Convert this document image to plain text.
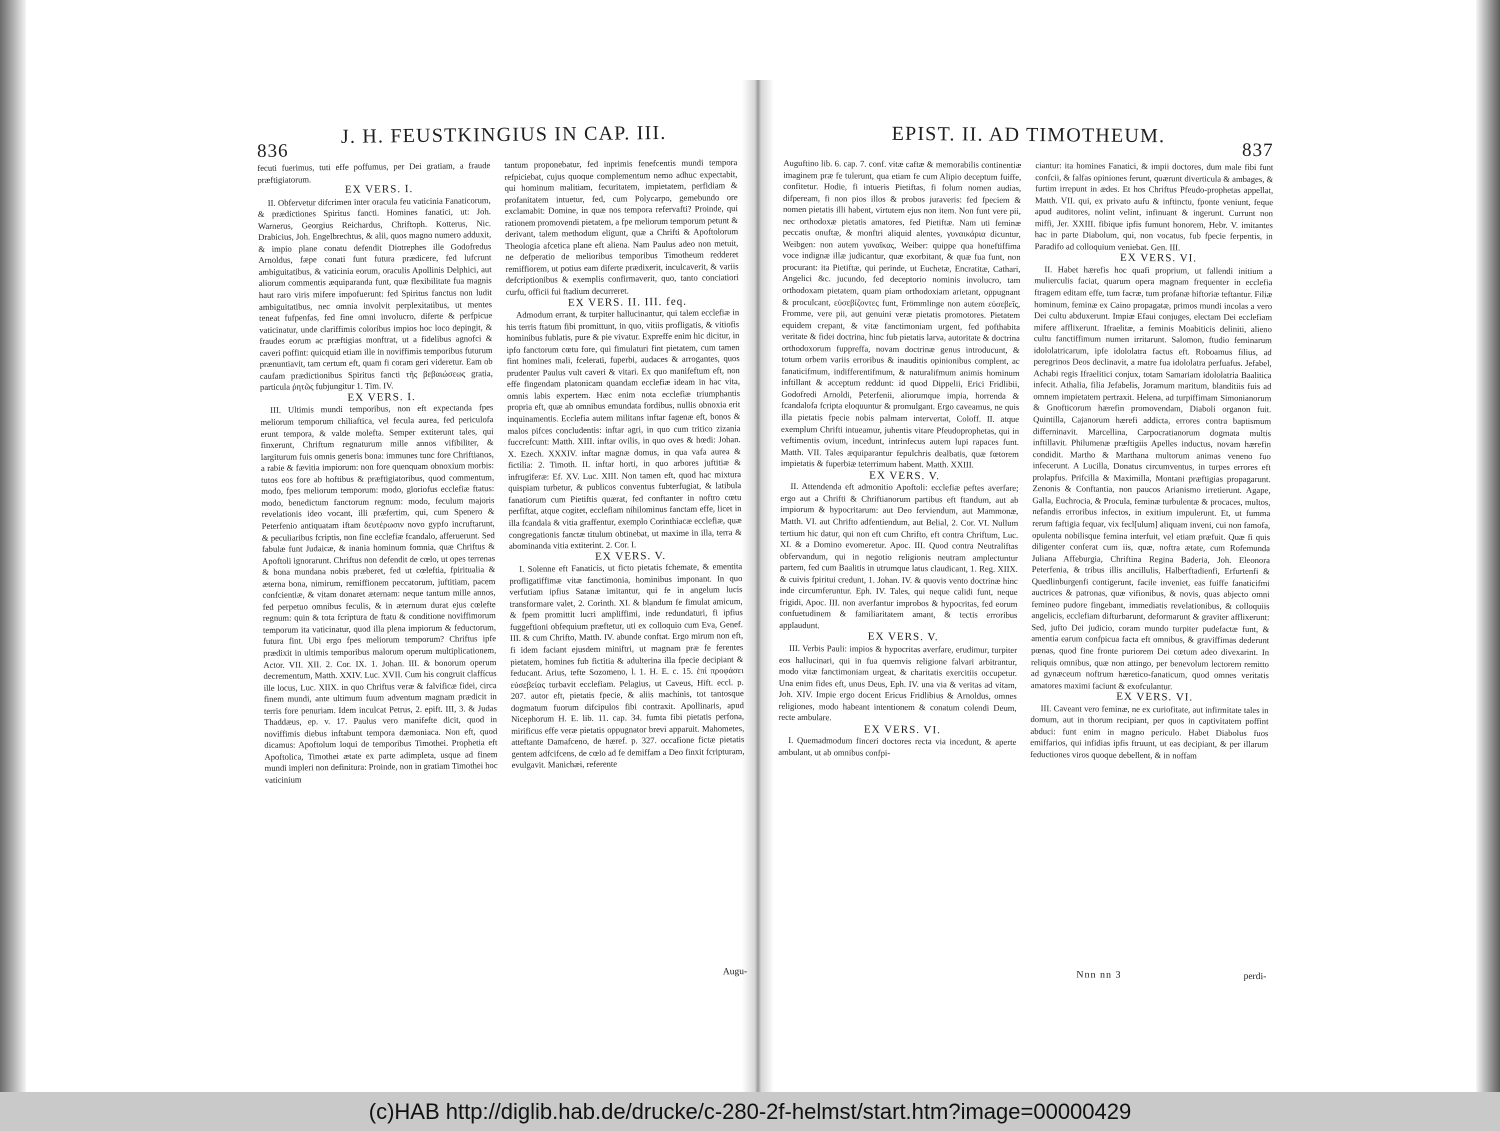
836
J. H. FEUSTKINGIUS IN CAP. III.

fecuti fuerimus, tuti effe poffumus, per Dei gratiam, a fraude præftigiatorum.

EX VERS. I.

II. Obfervetur difcrimen inter oracula feu vaticinia Fanaticorum, & prædictiones Spiritus fancti. Homines fanatici, ut: Joh. Warnerus, Georgius Reichardus, Chriftoph. Kotterus, Nic. Drabicius, Joh. Engelbrechtus, & alii, quos magno numero adduxit, & impio plane conatu defendit Diotrephes ille Godofredus Arnoldus, fæpe conati funt futura prædicere, fed lufcrunt ambiguitatibus, & vaticinia eorum, oraculis Apollinis Delphici, aut aliorum commentis æquiparanda funt, quæ flexibilitate fua magnis haut raro viris mifere impofuerunt: fed Spiritus fanctus non ludit ambiguitatibus, nec omnia involvit perplexitatibus, ut mentes teneat fufpenfas, fed fine omni involucro, diferte & perfpicue vaticinatur, unde clariffimis coloribus impios hoc loco depingit, & fraudes eorum ac præftigias monftrat, ut a fidelibus agnofci & caveri poffint: quicquid etiam ille in noviffimis temporibus futurum prænuntiavit, tam certum eft, quam fi coram geri videretur. Eam ob caufam prædictionibus Spiritus fancti τῆς βεβαιώσεως gratia, particula ῥητῶς fubjungitur 1. Tim. IV.

EX VERS. I.

III. Ultimis mundi temporibus, non eft expectanda fpes meliorum temporum chiliaftica, vel fecula aurea, fed periculofa erunt tempora, & valde molefta. Semper extiterunt tales, qui finxerunt, Chriftum regnaturum mille annos vifibiliter, & largiturum fuis omnis generis bona: immunes tunc fore Chriftianos, a rabie & fævitia impiorum: non fore quenquam obnoxium morbis: tutos eos fore ab hoftibus & præftigiatoribus, quod commentum, modo, fpes meliorum temporum: modo, gloriofus ecclefiæ ftatus: modo, benedictum fanctorum regnum: modo, feculum majoris revelationis ideo vocant, illi præfertim, qui, cum Spenero & Peterfenio antiquatam iftam δευτέρωσιν novo gypfo incruftarunt, & peculiaribus fcriptis, non fine ecclefiæ fcandalo, afferuerunt. Sed fabulæ funt Judaicæ, & inania hominum fomnia, quæ Chriftus & Apoftoli ignorarunt. Chriftus non defendit de cœlo, ut opes terrenas & bona mundana nobis præberet, fed ut cœleftia, fpiritualia & æterna bona, nimirum, remiffionem peccatorum, juftitiam, pacem confcientiæ, & vitam donaret æternam: neque tantum mille annos, fed perpetuo omnibus feculis, & in æternum durat ejus cœlefte regnum: quin & tota fcriptura de ftatu & conditione noviffimorum temporum ita vaticinatur, quod illa plena impiorum & feductorum, futura fint. Ubi ergo fpes meliorum temporum? Chriftus ipfe prædixit in ultimis temporibus malorum operum multiplicationem, Actor. VII. XII. 2. Cor. IX. 1. Johan. III. & bonorum operum decrementum, Matth. XXIV. Luc. XVII. Cum his congruit claffícus ille locus, Luc. XIIX. in quo Chriftus veræ & falvificæ fidei, circa finem mundi, ante ultimum fuum adventum magnam prædicit in terris fore penuriam. Idem inculcat Petrus, 2. epift. III, 3. & Judas Thaddæus, ep. v. 17. Paulus vero manifefte dicit, quod in noviffimis diebus inftabunt tempora dæmoniaca. Non eft, quod dicamus: Apoftolum loqui de temporibus Timothei. Prophetia eft Apoftolica, Timothei ætate ex parte adimpleta, usque ad finem mundi impleri non definitura: Proinde, non in gratiam Timothei hoc vaticinium

tantum proponebatur, fed inprimis fenefcentis mundi tempora refpiciebat, cujus quoque complementum nemo adhuc expectabit, qui hominum malitiam, fecuritatem, impietatem, perfidiam & profanitatem intuetur, fed, cum Polycarpo, gemebundo ore exclamabit: Domine, in quæ nos tempora refervafti? Proinde, qui rationem promovendi pietatem, a fpe meliorum temporum petunt & derivant, talem methodum eligunt, quæ a Chrifti & Apoftolorum Theologia afcetica plane eft aliena. Nam Paulus adeo non metuit, ne defperatio de melioribus temporibus Timotheum redderet remiffiorem, ut potius eam diferte prædixerit, inculcaverit, & variis defcriptionibus & exemplis confirmaverit, quo, tanto conciatiori curfu, officii fui ftadium decurreret.

EX VERS. II. III. feq.

Admodum errant, & turpiter hallucinantur, qui talem ecclefiæ in his terris ftatum fibi promittunt, in quo, vitiis profligatis, & vitiofis hominibus fublatis, pure & pie vivatur. Expreffe enim hic dicitur, in ipfo fanctorum cœtu fore, qui fimulaturi fint pietatem, cum tamen fint homines mali, fcelerati, fuperbi, audaces & arrogantes, quos prudenter Paulus vult caveri & vitari. Ex quo manifeftum eft, non effe fingendam platonicam quandam ecclefiæ ideam in hac vita, omnis labis expertem. Hæc enim nota ecclefiæ triumphantis propria eft, quæ ab omnibus emundata fordibus, nullis obnoxia erit inquinamentis. Ecclefia autem militans inftar fagenæ eft, bonos & malos pifces concludentis: inftar agri, in quo cum tritico zizania fuccrefcunt: Matth. XIII. inftar ovilis, in quo oves & hœdi: Johan. X. Ezech. XXXIV. inftar magnæ domus, in qua vafa aurea & fictilia: 2. Timoth. II. inftar horti, in quo arbores juftitiæ & infrugiferæ: Ef. XV. Luc. XIII. Non tamen eft, quod hac mixtura quispiam turbetur, & publicos conventus fubterfugiat, & latibula fanatiorum cum Pietiftis quærat, fed conftanter in noftro cœtu perfiftat, atque cogitet, ecclefiam nihilominus fanctam effe, licet in illa fcandala & vitia graffentur, exemplo Corinthiacæ ecclefiæ, quæ congregationis fanctæ titulum obtinebat, ut maxime in illa, terra & abominanda vitia extiterint. 2. Cor. I.

EX VERS. V.

I. Solenne eft Fanaticis, ut ficto pietatis fchemate, & ementita profligatiffimæ vitæ fanctimonia, hominibus imponant. In quo verfutiam ipfius Satanæ imitantur, qui fe in angelum lucis transformare valet, 2. Corinth. XI. & blandum fe fimulat amicum, & fpem promittit lucri ampliffimi, inde redundaturi, fi ipfius fuggeftioni obfequium præftetur, uti ex colloquio cum Eva, Genef. III. & cum Chrifto, Matth. IV. abunde conftat. Ergo mirum non eft, fi idem faciant ejusdem miniftri, ut magnam præ fe ferentes pietatem, homines fub fictitia & adulterina illa fpecie decipiant & feducant. Arius, tefte Sozomeno, l. 1. H. E. c. 15. ἐπὶ προφάσει εὐσεβείας turbavit ecclefiam. Pelagius, ut Caveus, Hift. eccl. p. 207. autor eft, pietatis fpecie, & aliis machinis, tot tantosque dogmatum fuorum difcipulos fibi contraxit. Apollinaris, apud Nicephorum H. E. lib. 11. cap. 34. fumta fibi pietatis perfona, mirificus effe veræ pietatis oppugnator brevi apparuit. Mahometes, atteftante Damafceno, de hæref. p. 327. occafione fictæ pietatis gentem adfcifcens, de cœlo ad fe demiffam a Deo finxit fcripturam, evulgavit. Manichæi, referente

Augu-
EPIST. II. AD TIMOTHEUM.
837

Auguftino lib. 6. cap. 7. conf. vitæ caftæ & memorabilis continentiæ imaginem præ fe tulerunt, qua etiam fe cum Alipio deceptum fuiffe, confitetur. Hodie, fi intueris Pietiftas, fi folum nomen audias, difpeream, fi non pios illos & probos juraveris: fed fpeciem & nomen pietatis illi habent, virtutem ejus non item. Non funt vere pii, nec orthodoxæ pietatis amatores, fed Pietiftæ. Nam uti feminæ peccatis onuftæ, & monftri aliquid alentes, γυναικάρια dicuntur, Weibgen: non autem γυναῖκας, Weiber: quippe qua honeftiffima voce indignæ illæ judicantur, quæ exorbitant, & quæ fua funt, non procurant: ita Pietiftæ, qui perinde, ut Euchetæ, Encratitæ, Cathari, Angelici &c. jucundo, fed deceptorio nominis involucro, tam orthodoxam pietatem, quam piam orthodoxiam arietant, oppugnant & proculcant, εὐσεβίζοντες funt, Frömmlinge non autem εὐσεβεῖς, Fromme, vere pii, aut genuini veræ pietatis promotores. Pietatem equidem crepant, & vitæ fanctimoniam urgent, fed pofthabita veritate & fidei doctrina, hinc fub pietatis larva, autoritate & doctrina orthodoxorum fuppreffa, novam doctrinæ genus introducunt, & totum orbem variis erroribus & inauditis opinionibus complent, ac fanaticifmum, indifferentifmum, & naturalifmum animis hominum inftillant & acceptum reddunt: id quod Dippelii, Erici Fridlibii, Godofredi Arnoldi, Peterfenii, aliorumque impia, horrenda & fcandalofa fcripta eloquuntur & promulgant. Ergo caveamus, ne quis illa pietatis fpecie nobis palmam intervertat, Coloff. II. atque exemplum Chrifti intueamur, juhentis vitare Pfeudoprophetas, qui in veftimentis ovium, incedunt, intrinfecus autem lupi rapaces funt. Matth. VII. Tales æquiparantur fepulchris dealbatis, quæ fœtorem impietatis & fuperbiæ teterrimum habent. Matth. XXIII.

EX VERS. V.

II. Attendenda eft admonitio Apoftoli: ecclefiæ peftes averfare; ergo aut a Chrifti & Chriftianorum partibus eft ftandum, aut ab impiorum & hypocritarum: aut Deo ferviendum, aut Mammonæ, Matth. VI. aut Chrifto adfentiendum, aut Belial, 2. Cor. VI. Nullum tertium hic datur, qui non eft cum Chrifto, eft contra Chriftum, Luc. XI. & a Domino evomeretur. Apoc. III. Quod contra Neutraliftas obfervandum, qui in negotio religionis neutram amplectuntur partem, fed cum Baalitis in utrumque latus claudicant, 1. Reg. XIIX. & cuivis fpiritui credunt, 1. Johan. IV. & quovis vento doctrinæ hinc inde circumferuntur. Eph. IV. Tales, qui neque calidi funt, neque frigidi, Apoc. III. non averfantur improbos & hypocritas, fed eorum confuetudinem & familiaritatem amant, & tectis erroribus applaudunt.

EX VERS. V.

III. Verbis Pauli: impios & hypocritas averfare, erudimur, turpiter eos hallucinari, qui in fua quemvis religione falvari arbitrantur, modo vitæ fanctimoniam urgeat, & charitatis exercitiis occupetur. Una enim fides eft, unus Deus, Eph. IV. una via & veritas ad vitam, Joh. XIV. Impie ergo docent Ericus Fridlibius & Arnoldus, omnes religiones, modo habeant intentionem & conatum colendi Deum, recte ambulare.

EX VERS. VI.

I. Quemadmodum finceri doctores recta via incedunt, & aperte ambulant, ut ab omnibus confpi-

ciantur: ita homines Fanatici, & impii doctores, dum male fibi funt confcii, & falfas opiniones ferunt, quærunt diverticula & ambages, & furtim irrepunt in ædes. Et hos Chriftus Pfeudo-prophetas appellat, Matth. VII. qui, ex privato aufu & inftinctu, fponte veniunt, feque apud auditores, nolint velint, infinuant & ingerunt. Currunt non miffi, Jer. XXIII. fibique ipfis fumunt honorem, Hebr. V. imitantes hac in parte Diabolum, qui, non vocatus, fub fpecie ferpentis, in Paradifo ad colloquium veniebat. Gen. III.

EX VERS. VI.

II. Habet hærefis hoc quafi proprium, ut fallendi initium a mulierculis faciat, quarum opera magnam frequenter in ecclefia ftragem editam effe, tum facræ, tum profanæ hiftoriæ teftantur. Filiæ hominum, feminæ ex Caino propagatæ, primos mundi incolas a vero Dei cultu abduxerunt. Impiæ Efaui conjuges, electam Dei ecclefiam mifere afflixerunt. Ifraelitæ, a feminis Moabiticis deliniti, alieno cultu fanctiffimum numen irritarunt. Salomon, ftudio feminarum idololatricarum, ipfe idololatra factus eft. Roboamus filius, ad peregrinos Deos declinavit, a matre fua idololatra perfuafus. Jefabel, Achabi regis Ifraelitici conjux, totam Samariam idololatria Baalitica infecit. Athalia, filia Jefabelis, Joramum maritum, blanditiis fuis ad omnem impietatem pertraxit. Helena, ad turpiffimam Simonianorum & Gnofticorum hærefin promovendam, Diaboli organon fuit. Quintilla, Cajanorum hærefi addicta, errores contra baptismum differninavit. Marcellina, Carpocratianorum dogmata multis inftillavit. Philumenæ præftigiis Apelles inductus, novam hærefin condidit. Martho & Marthana multorum animas veneno fuo infecerunt. A Lucilla, Donatus circumventus, in turpes errores eft prolapfus. Prifcilla & Maximilla, Montani præftigias propagarunt. Zenonis & Conftantia, non paucos Arianismo irretierunt. Agape, Galla, Euchrocia, & Procula, feminæ turbulentæ & procaces, multos, nefandis erroribus infectos, in exitium impulerunt. Et, ut fumma rerum faftigia fequar, vix fecl[ulum] aliquam inveni, cui non famofa, opulenta nobilisque femina interfuit, vel etiam præfuit. Quæ fi quis diligenter conferat cum iis, quæ, noftra ætate, cum Rofemunda Juliana Affeburgia, Chriftina Regina Baderia, Joh. Eleonora Peterfenia, & tribus illis ancillulis, Halberftadienfi, Erfurtenfi & Quedlinburgenfi contigerunt, facile inveniet, eas fuiffe fanaticifmi auctrices & patronas, quæ vifionibus, & novis, quas abjecto omni femineo pudore fingebant, immediatis revelationibus, & colloquiis angelicis, ecclefiam difturbarunt, deformarunt & graviter afflixerunt: Sed, jufto Dei judicio, coram mundo turpiter pudefactæ funt, & amentia earum confpicua facta eft omnibus, & graviffimas dederunt pœnas, quod fine fronte puriorem Dei cœtum adeo divexarint. In reliquis omnibus, quæ non attingo, per benevolum lectorem remitto ad gynæceum noftrum hæretico-fanaticum, quod omnes veritatis amatores maximi faciunt & exofculantur.

EX VERS. VI.

III. Caveant vero feminæ, ne ex curiofitate, aut infirmitate tales in domum, aut in thorum recipiant, per quos in captivitatem poffint abduci: funt enim in magno periculo. Habet Diabolus fuos emiffarios, qui infidias ipfis ftruunt, ut eas decipiant, & per illarum feductiones viros quoque debellent, & in noffam

Nnn nn 3	perdi-
(c)HAB http://diglib.hab.de/drucke/c-280-2f-helmst/start.htm?image=00000429
